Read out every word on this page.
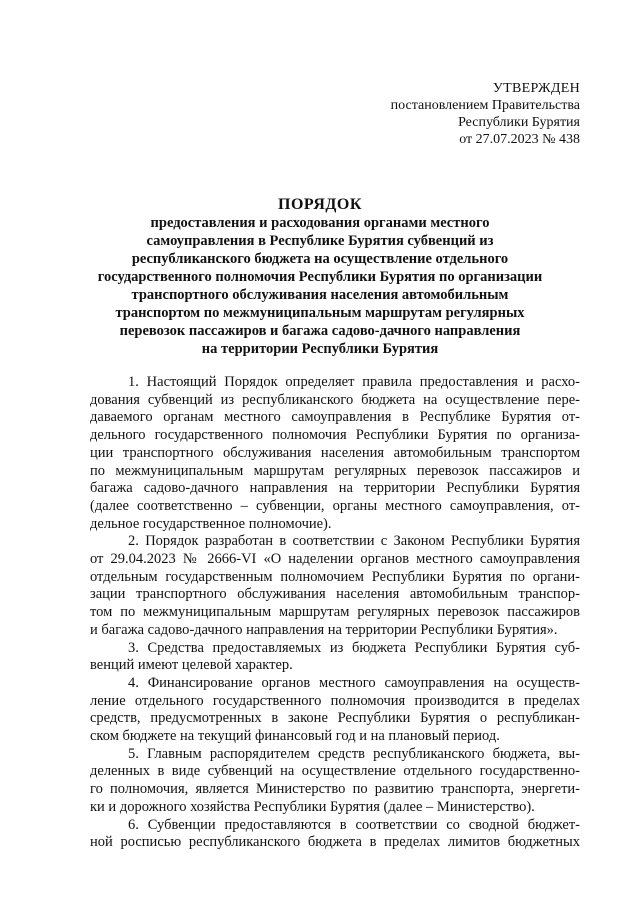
УТВЕРЖДЕН
постановлением Правительства
Республики Бурятия
от 27.07.2023 № 438
ПОРЯДОК

предоставления и расходования органами местного
самоуправления в Республике Бурятия субвенций из
республиканского бюджета на осуществление отдельного
государственного полномочия Республики Бурятия по организации
транспортного обслуживания населения автомобильным
транспортом по межмуниципальным маршрутам регулярных
перевозок пассажиров и багажа садово-дачного направления
на территории Республики Бурятия

1. Настоящий Порядок определяет правила предоставления и расхо-
дования субвенций из республиканского бюджета на осуществление пере-
даваемого органам местного самоуправления в Республике Бурятия от-
дельного государственного полномочия Республики Бурятия по организа-
ции транспортного обслуживания населения автомобильным транспортом
по межмуниципальным маршрутам регулярных перевозок пассажиров и
багажа садово-дачного направления на территории Республики Бурятия
(далее соответственно – субвенции, органы местного самоуправления, от-
дельное государственное полномочие).

2. Порядок разработан в соответствии с Законом Республики Бурятия
от 29.04.2023 № 2666-VI «О наделении органов местного самоуправления
отдельным государственным полномочием Республики Бурятия по органи-
зации транспортного обслуживания населения автомобильным транспор-
том по межмуниципальным маршрутам регулярных перевозок пассажиров
и багажа садово-дачного направления на территории Республики Бурятия».

3. Средства предоставляемых из бюджета Республики Бурятия суб-
венций имеют целевой характер.

4. Финансирование органов местного самоуправления на осуществ-
ление отдельного государственного полномочия производится в пределах
средств, предусмотренных в законе Республики Бурятия о республикан-
ском бюджете на текущий финансовый год и на плановый период.

5. Главным распорядителем средств республиканского бюджета, вы-
деленных в виде субвенций на осуществление отдельного государственно-
го полномочия, является Министерство по развитию транспорта, энергети-
ки и дорожного хозяйства Республики Бурятия (далее – Министерство).

6. Субвенции предоставляются в соответствии со сводной бюджет-
ной росписью республиканского бюджета в пределах лимитов бюджетных
